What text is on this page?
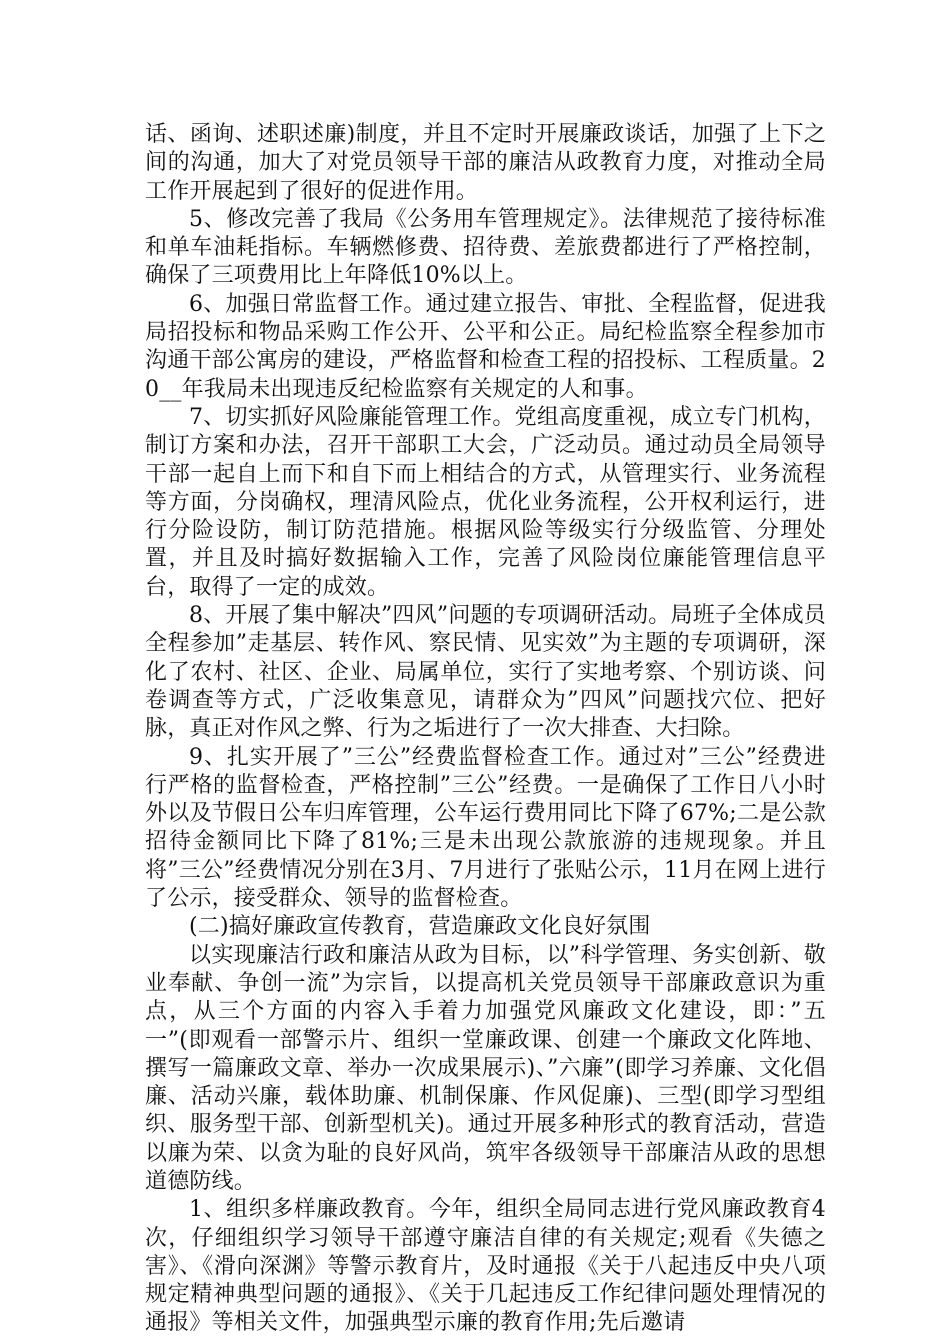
话、函询、述职述廉)制度，并且不定时开展廉政谈话，加强了上下之间的沟通，加大了对党员领导干部的廉洁从政教育力度，对推动全局工作开展起到了很好的促进作用。

5、修改完善了我局《公务用车管理规定》。法律规范了接待标准和单车油耗指标。车辆燃修费、招待费、差旅费都进行了严格控制，确保了三项费用比上年降低10%以上。

6、加强日常监督工作。通过建立报告、审批、全程监督，促进我局招投标和物品采购工作公开、公平和公正。局纪检监察全程参加市沟通干部公寓房的建设，严格监督和检查工程的招投标、工程质量。20__年我局未出现违反纪检监察有关规定的人和事。

7、切实抓好风险廉能管理工作。党组高度重视，成立专门机构，制订方案和办法，召开干部职工大会，广泛动员。通过动员全局领导干部一起自上而下和自下而上相结合的方式，从管理实行、业务流程等方面，分岗确权，理清风险点，优化业务流程，公开权利运行，进行分险设防，制订防范措施。根据风险等级实行分级监管、分理处置，并且及时搞好数据输入工作，完善了风险岗位廉能管理信息平台，取得了一定的成效。

8、开展了集中解决”四风”问题的专项调研活动。局班子全体成员全程参加”走基层、转作风、察民情、见实效”为主题的专项调研，深化了农村、社区、企业、局属单位，实行了实地考察、个别访谈、问卷调查等方式，广泛收集意见，请群众为”四风”问题找穴位、把好脉，真正对作风之弊、行为之垢进行了一次大排查、大扫除。

9、扎实开展了”三公”经费监督检查工作。通过对”三公”经费进行严格的监督检查，严格控制”三公”经费。一是确保了工作日八小时外以及节假日公车归库管理，公车运行费用同比下降了67%;二是公款招待金额同比下降了81%;三是未出现公款旅游的违规现象。并且将”三公”经费情况分别在3月、7月进行了张贴公示，11月在网上进行了公示，接受群众、领导的监督检查。

(二)搞好廉政宣传教育，营造廉政文化良好氛围

以实现廉洁行政和廉洁从政为目标，以”科学管理、务实创新、敬业奉献、争创一流”为宗旨，以提高机关党员领导干部廉政意识为重点，从三个方面的内容入手着力加强党风廉政文化建设，即：”五一”(即观看一部警示片、组织一堂廉政课、创建一个廉政文化阵地、撰写一篇廉政文章、举办一次成果展示)、”六廉”(即学习养廉、文化倡廉、活动兴廉，载体助廉、机制保廉、作风促廉)、三型(即学习型组织、服务型干部、创新型机关)。通过开展多种形式的教育活动，营造以廉为荣、以贪为耻的良好风尚，筑牢各级领导干部廉洁从政的思想道德防线。

1、组织多样廉政教育。今年，组织全局同志进行党风廉政教育4次，仔细组织学习领导干部遵守廉洁自律的有关规定;观看《失德之害》、《滑向深渊》等警示教育片，及时通报《关于八起违反中央八项规定精神典型问题的通报》、《关于几起违反工作纪律问题处理情况的通报》等相关文件，加强典型示廉的教育作用;先后邀请
